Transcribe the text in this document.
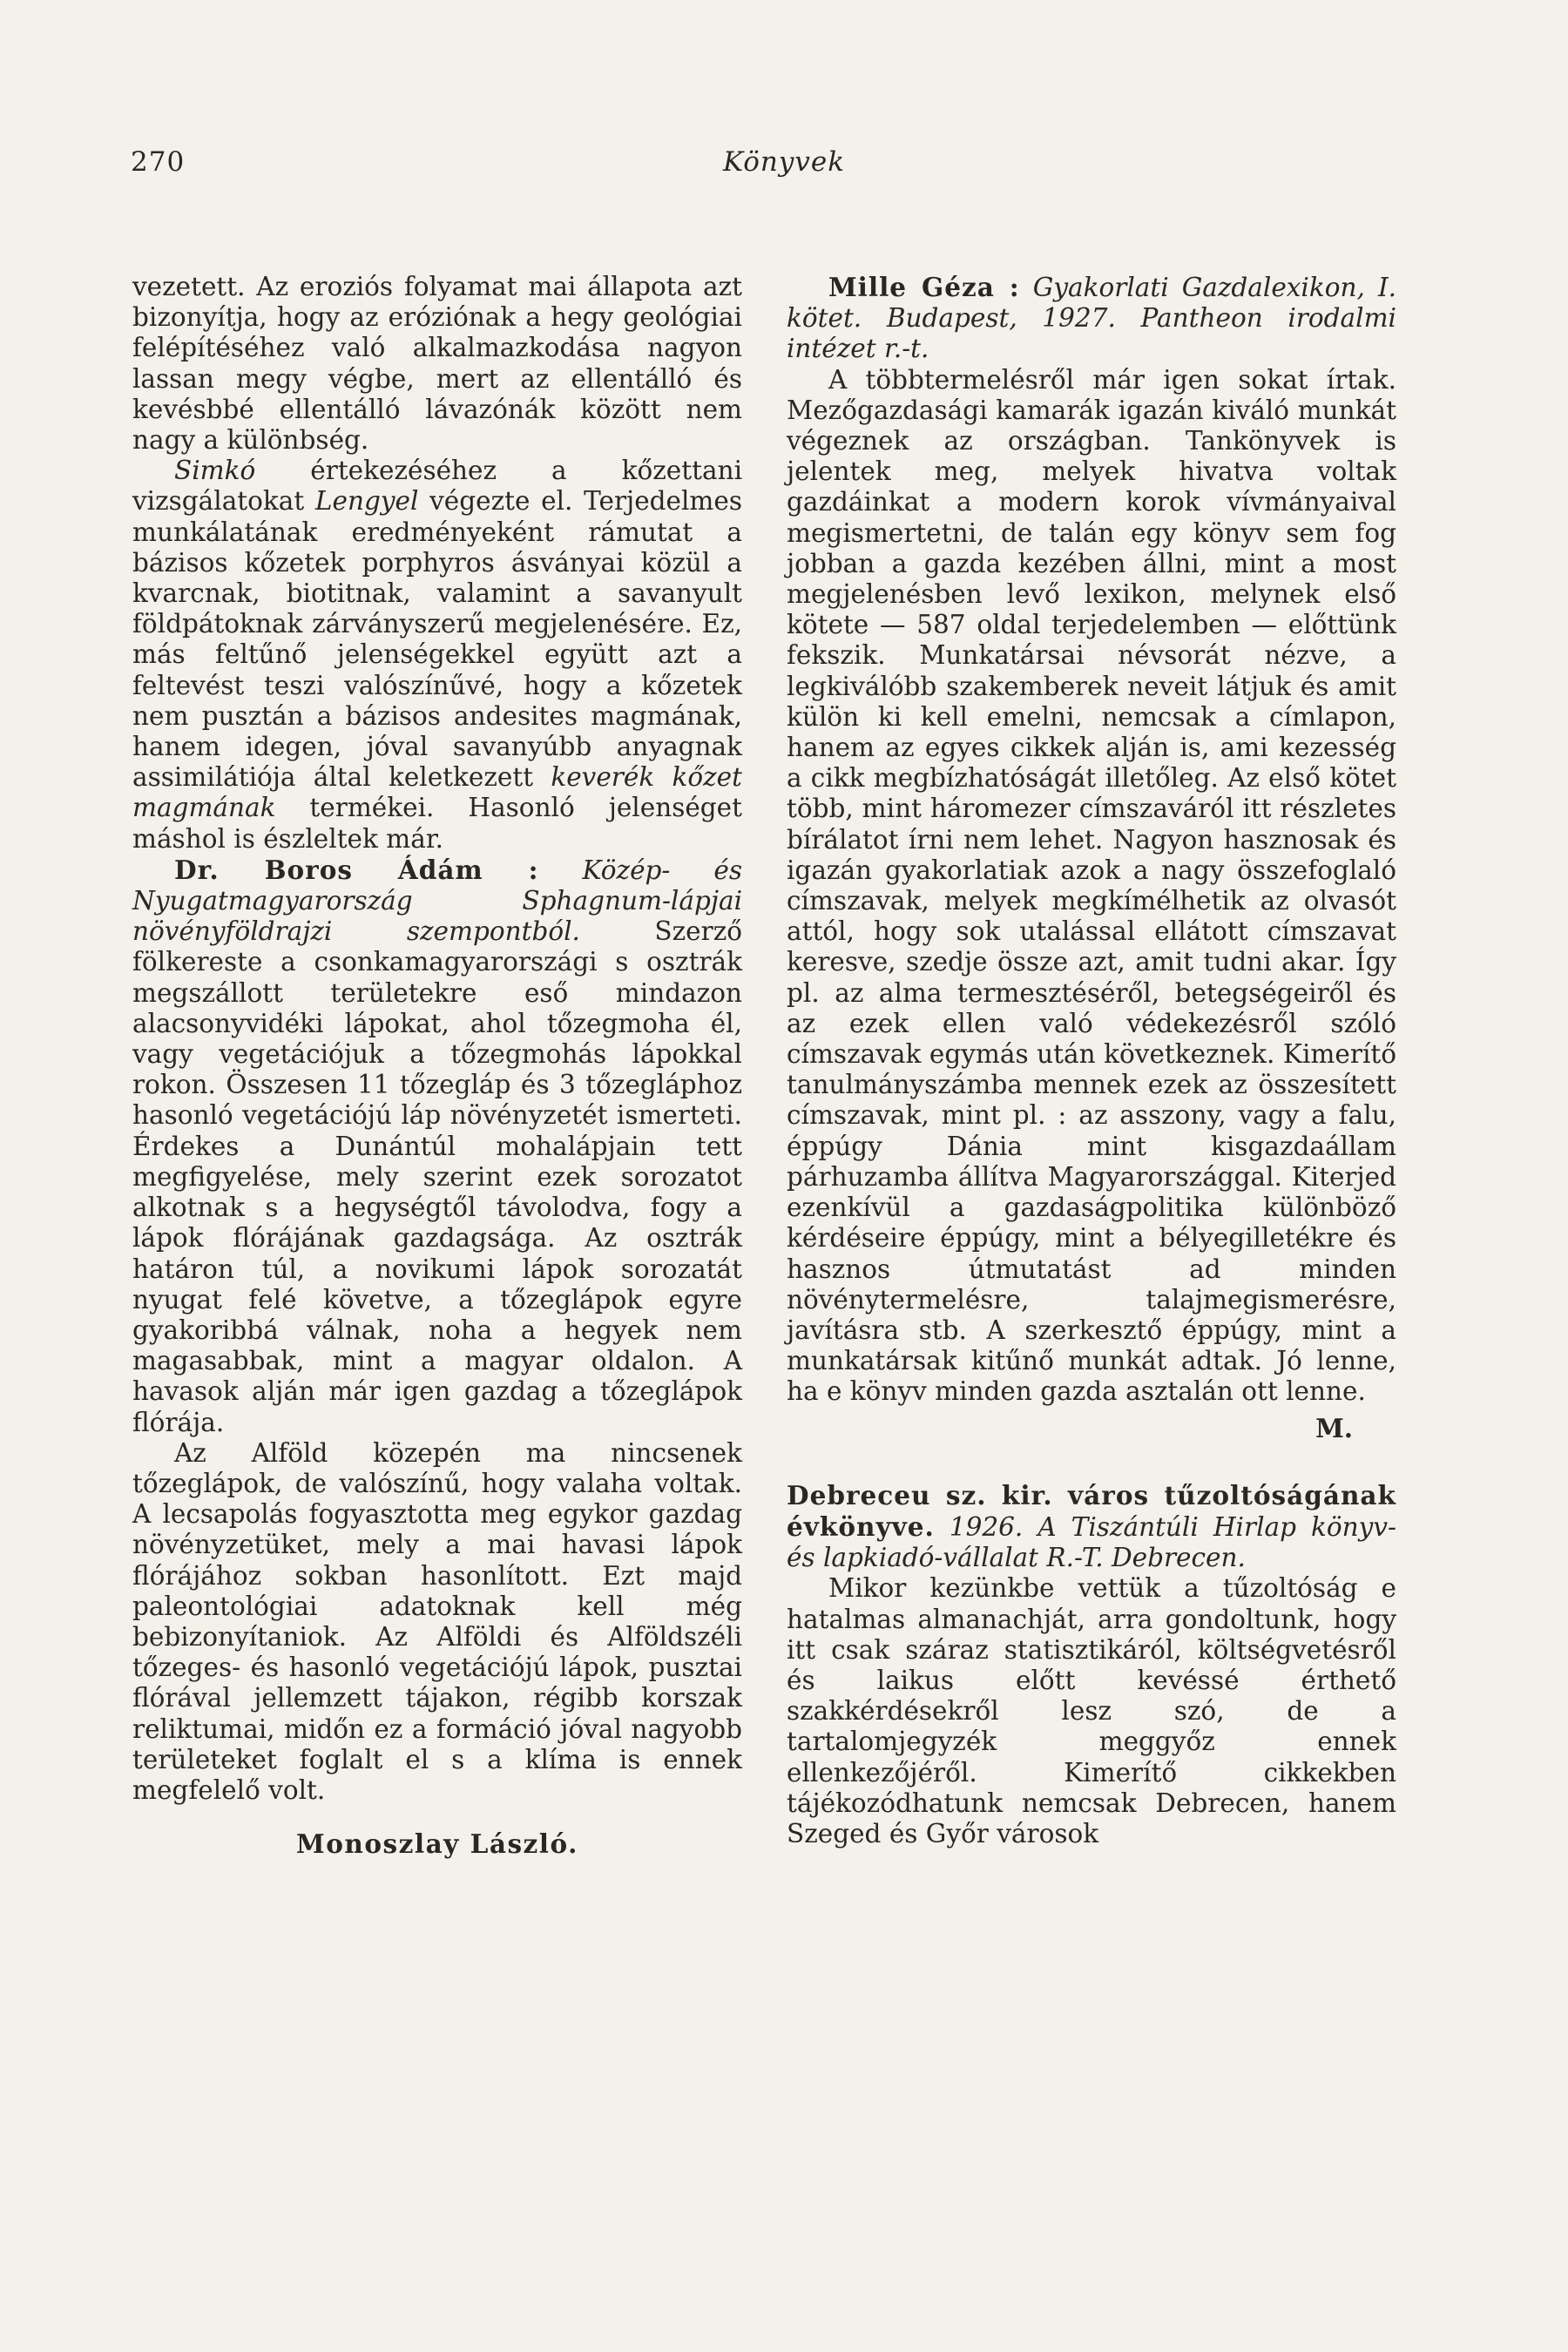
270	Könyvek

vezetett. Az eroziós folyamat mai állapota azt bizonyítja, hogy az eróziónak a hegy geológiai felépítéséhez való alkalmazkodása nagyon lassan megy végbe, mert az ellentálló és kevésbbé ellentálló lávazónák között nem nagy a különbség.

Simkó értekezéséhez a kőzettani vizsgálatokat Lengyel végezte el. Terjedelmes munkálatának eredményeként rámutat a bázisos kőzetek porphyros ásványai közül a kvarcnak, biotitnak, valamint a savanyult földpátoknak zárványszerű megjelenésére. Ez, más feltűnő jelenségekkel együtt azt a feltevést teszi valószínűvé, hogy a kőzetek nem pusztán a bázisos andesites magmának, hanem idegen, jóval savanyúbb anyagnak assimilátiója által keletkezett keverék kőzet magmának termékei. Hasonló jelenséget máshol is észleltek már.

Dr. Boros Ádám : Közép- és Nyugatmagyarország Sphagnum-lápjai növényföldrajzi szempontból. Szerző fölkereste a csonkamagyarországi s osztrák megszállott területekre eső mindazon alacsonyvidéki lápokat, ahol tőzegmoha él, vagy vegetációjuk a tőzegmohás lápokkal rokon. Összesen 11 tőzegláp és 3 tőzegláphoz hasonló vegetációjú láp növényzetét ismerteti. Érdekes a Dunántúl mohalápjain tett megfigyelése, mely szerint ezek sorozatot alkotnak s a hegységtől távolodva, fogy a lápok flórájának gazdagsága. Az osztrák határon túl, a novikumi lápok sorozatát nyugat felé követve, a tőzeglápok egyre gyakoribbá válnak, noha a hegyek nem magasabbak, mint a magyar oldalon. A havasok alján már igen gazdag a tőzeglápok flórája.

Az Alföld közepén ma nincsenek tőzeglápok, de valószínű, hogy valaha voltak. A lecsapolás fogyasztotta meg egykor gazdag növényzetüket, mely a mai havasi lápok flórájához sokban hasonlított. Ezt majd paleontológiai adatoknak kell még bebizonyítaniok. Az Alföldi és Alföldszéli tőzeges- és hasonló vegetációjú lápok, pusztai flórával jellemzett tájakon, régibb korszak reliktumai, midőn ez a formáció jóval nagyobb területeket foglalt el s a klíma is ennek megfelelő volt.

Monoszlay László.

Mille Géza : Gyakorlati Gazdalexikon, I. kötet. Budapest, 1927. Pantheon irodalmi intézet r.-t.

A többtermelésről már igen sokat írtak. Mezőgazdasági kamarák igazán kiváló munkát végeznek az országban. Tankönyvek is jelentek meg, melyek hivatva voltak gazdáinkat a modern korok vívmányaival megismertetni, de talán egy könyv sem fog jobban a gazda kezében állni, mint a most megjelenésben levő lexikon, melynek első kötete — 587 oldal terjedelemben — előttünk fekszik. Munkatársai névsorát nézve, a legkiválóbb szakemberek neveit látjuk és amit külön ki kell emelni, nemcsak a címlapon, hanem az egyes cikkek alján is, ami kezesség a cikk megbízhatóságát illetőleg. Az első kötet több, mint háromezer címszaváról itt részletes bírálatot írni nem lehet. Nagyon hasznosak és igazán gyakorlatiak azok a nagy összefoglaló címszavak, melyek megkímélhetik az olvasót attól, hogy sok utalással ellátott címszavat keresve, szedje össze azt, amit tudni akar. Így pl. az alma termesztéséről, betegségeiről és az ezek ellen való védekezésről szóló címszavak egymás után következnek. Kimerítő tanulmányszámba mennek ezek az összesített címszavak, mint pl. : az asszony, vagy a falu, éppúgy Dánia mint kisgazdaállam párhuzamba állítva Magyarországgal. Kiterjed ezenkívül a gazdaságpolitika különböző kérdéseire éppúgy, mint a bélyegilletékre és hasznos útmutatást ad minden növénytermelésre, talajmegismerésre, javításra stb. A szerkesztő éppúgy, mint a munkatársak kitűnő munkát adtak. Jó lenne, ha e könyv minden gazda asztalán ott lenne.

M.

Debreceu sz. kir. város tűzoltóságának évkönyve. 1926. A Tiszántúli Hirlap könyv- és lapkiadó-vállalat R.-T. Debrecen.

Mikor kezünkbe vettük a tűzoltóság e hatalmas almanachját, arra gondoltunk, hogy itt csak száraz statisztikáról, költségvetésről és laikus előtt kevéssé érthető szakkérdésekről lesz szó, de a tartalomjegyzék meggyőz ennek ellenkezőjéről. Kimerítő cikkekben tájékozódhatunk nemcsak Debrecen, hanem Szeged és Győr városok
